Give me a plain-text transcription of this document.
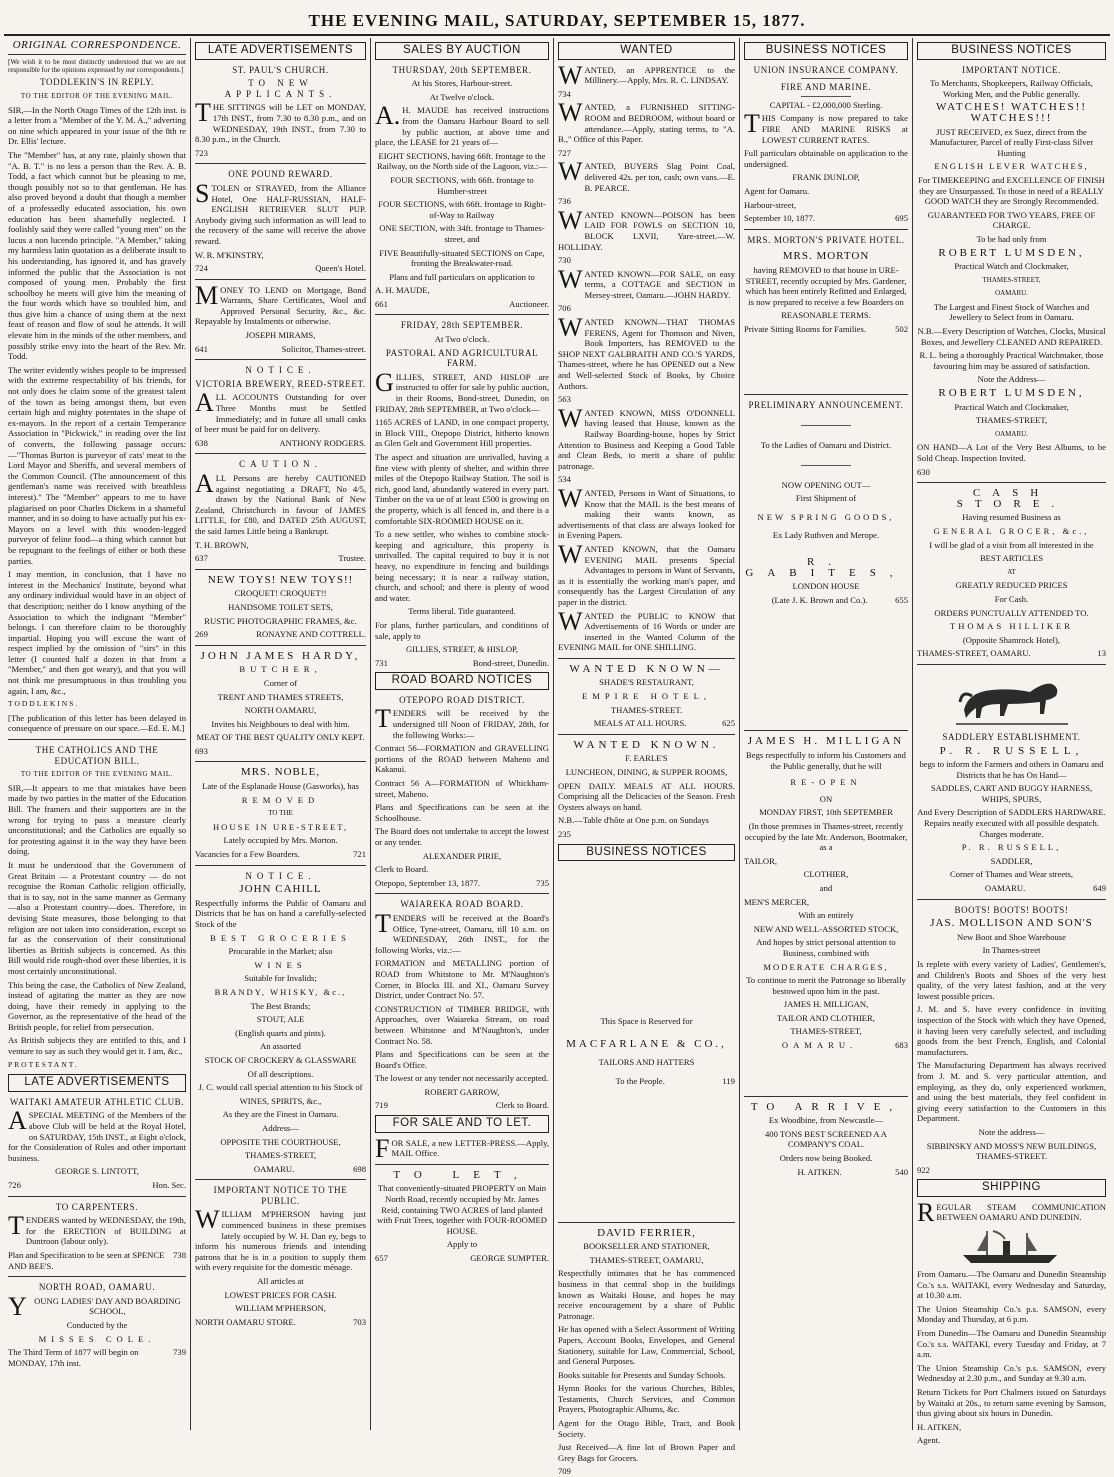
THE EVENING MAIL, SATURDAY, SEPTEMBER 15, 1877.
ORIGINAL CORRESPONDENCE.

[We wish it to be most distinctly understood that we are not responsible for the opinions expressed by our correspondents.]

TODDLEKIN'S IN REPLY.
TO THE EDITOR OF THE EVENING MAIL.

SIR,—In the North Otago Times of the 12th inst. is a letter from a "Member of the Y. M. A.," adverting on nine which appeared in your issue of the 8th re Dr. Ellis' lecture.

The "Member" has, at any rate, plainly shown that "A. B. T." is no less a person than the Rev. A. B. Todd, a fact which cannot but be pleasing to me, though possibly not so to that gentleman. He has also proved beyond a doubt that though a member of a professedly educated association, his own education has been shamefully neglected. I foolishly said they were called "young men" on the lucus a non lucendo principle. "A Member," taking my harmless latin quotation as a deliberate insult to his understanding, has ignored it, and has gravely informed the public that the Association is not composed of young men. Probably the first schoolboy he meets will give him the meaning of the four words which have so troubled him, and thus give him a chance of using them at the next feast of reason and flow of soul he attends. It will elevate him in the minds of the other members, and possibly strike envy into the heart of the Rev. Mr. Todd.

The writer evidently wishes people to be impressed with the extreme respectability of his friends, for not only does he claim some of the greatest talent of the town as being amongst them, but even certain high and mighty potentates in the shape of ex-mayors. In the report of a certain Temperance Association in "Pickwick," in reading over the list of converts, the following passage occurs:—"Thomas Burton is purveyor of cats' meat to the Lord Mayor and Sheriffs, and several members of the Common Council. (The announcement of this gentleman's name was received with breathless interest)." The "Member" appears to me to have plagiarised on poor Charles Dickens in a shameful manner, and in so doing to have actually put his ex-Mayors on a level with this wooden-legged purveyor of feline food—a thing which cannot but be repugnant to the feelings of either or both these parties.

I may mention, in conclusion, that I have no interest in the Mechanics' Institute, beyond what any ordinary individual would have in an object of that description; neither do I know anything of the Association to which the indignant "Member" belongs. I can therefore claim to be thoroughly impartial. Hoping you will excuse the want of respect implied by the omission of "sirs" in this letter (I counted half a dozen in that from a "Member," and then got weary), and that you will not think me presumptuous in thus troubling you again, I am, &c.,

TODDLEKINS.

[The publication of this letter has been delayed in consequence of pressure on our space.—Ed. E. M.]

THE CATHOLICS AND THE EDUCATION BILL.
TO THE EDITOR OF THE EVENING MAIL.

SIR,—It appears to me that mistakes have been made by two parties in the matter of the Education Bill. The framers and their supporters are in the wrong for trying to pass a measure clearly unconstitutional; and the Catholics are equally so for protesting against it in the way they have been doing.

It must be understood that the Government of Great Britain — a Protestant country — do not recognise the Roman Catholic religion officially, that is to say, not in the same manner as Germany—also a Protestant country—does. Therefore, in devising State measures, those belonging to that religion are not taken into consideration, except so far as the conservation of their constitutional liberties as British subjects is concerned. As this Bill would ride rough-shod over these liberties, it is most certainly unconstitutional.

This being the case, the Catholics of New Zealand, instead of agitating the matter as they are now doing, have their remedy in applying to the Governor, as the representative of the head of the British people, for relief from persecution.

As British subjects they are entitled to this, and I venture to say as such they would get it. I am, &c.,

PROTESTANT.

LATE ADVERTISEMENTS
WAITAKI AMATEUR ATHLETIC CLUB.

ASPECIAL MEETING of the Members of the above Club will be held at the Royal Hotel, on SATURDAY, 15th INST., at Eight o'clock, for the Consideration of Rules and other important business.

GEORGE S. LINTOTT,

726	Hon. Sec.
TO CARPENTERS.

TENDERS wanted by WEDNESDAY, the 19th, for the ERECTION of BUILDING at Duntroon (labour only).

Plan and Specification to be seen at SPENCE AND BEE'S.
738
NORTH ROAD, OAMARU.

YOUNG LADIES' DAY AND BOARDING SCHOOL,

Conducted by the

MISSES COLE.

The Third Term of 1877 will begin on MONDAY, 17th inst.
739
LATE ADVERTISEMENTS
ST. PAUL'S CHURCH.
TO NEW APPLICANTS.

THE SITTINGS will be LET on MONDAY, 17th INST., from 7.30 to 8.30 p.m., and on WEDNESDAY, 19th INST., from 7.30 to 8.30 p.m., in the Church.

723

ONE POUND REWARD.

STOLEN or STRAYED, from the Alliance Hotel, One HALF-RUSSIAN, HALF-ENGLISH RETRIEVER SLUT PUP. Anybody giving such information as will lead to the recovery of the same will receive the above reward.

W. R. M'KINSTRY,

724	Queen's Hotel.

MONEY TO LEND on Mortgage, Bond Warrants, Share Certificates, Wool and Approved Personal Security, &c., &c. Repayable by Instalments or otherwise.

JOSEPH MIRAMS,

641	Solicitor, Thames-street.
NOTICE.
VICTORIA BREWERY, REED-STREET.

ALL ACCOUNTS Outstanding for over Three Months must be Settled Immediately; and in future all small casks of beer must be paid for on delivery.

638	ANTHONY RODGERS.
CAUTION.

ALL Persons are hereby CAUTIONED against negotiating a DRAFT, No 4/5, drawn by the National Bank of New Zealand, Christchurch in favour of JAMES LITTLE, for £80, and DATED 25th AUGUST, the said James Little being a Bankrupt.

T. H. BROWN,

637	Trustee.

NEW TOYS! NEW TOYS!!

CROQUET! CROQUET!!

HANDSOME TOILET SETS,

RUSTIC PHOTOGRAPHIC FRAMES, &c.

269	RONAYNE AND COTTRELL.

JOHN JAMES HARDY,

BUTCHER,

Corner of

TRENT AND THAMES STREETS,

NORTH OAMARU,

Invites his Neighbours to deal with him.

MEAT OF THE BEST QUALITY ONLY KEPT.

693

MRS. NOBLE,

Late of the Esplanade House (Gasworks), has

REMOVED

TO THE

HOUSE IN URE-STREET,

Lately occupied by Mrs. Morton.

Vacancies for a Few Boarders.	721
NOTICE.

JOHN CAHILL

Respectfully informs the Public of Oamaru and Districts that he has on hand a carefully-selected Stock of the

BEST GROCERIES

Procurable in the Market; also

WINES

Suitable for Invalids;

BRANDY, WHISKY, &c.,

The Best Brands;

STOUT, ALE

(English quarts and pints).

An assorted

STOCK OF CROCKERY & GLASSWARE

Of all descriptions.

J. C. would call special attention to his Stock of

WINES, SPIRITS, &c.,

As they are the Finest in Oamaru.

Address—

OPPOSITE THE COURTHOUSE,

THAMES-STREET,

OAMARU.	698
IMPORTANT NOTICE TO THE PUBLIC.

WILLIAM M'PHERSON having just commenced business in these premises lately occupied by W. H. Dan ey, begs to inform his numerous friends and intending patrons that he is in a position to supply them with every requisite for the domestic ménage.

All articles at

LOWEST PRICES FOR CASH.

WILLIAM M'PHERSON,

NORTH OAMARU STORE.	703
SALES BY AUCTION
THURSDAY, 20th SEPTEMBER.

At his Stores, Harbour-street.

At Twelve o'clock.

A.H. MAUDE has received instructions from the Oamaru Harbour Board to sell by public auction, at above time and place, the LEASE for 21 years of—

EIGHT SECTIONS, having 66ft. frontage to the Railway, on the North side of the Lagoon, viz.:—

FOUR SECTIONS, with 66ft. frontage to Humber-street

FOUR SECTIONS, with 66ft. frontage to Right-of-Way to Railway

ONE SECTION, with 34ft. frontage to Thames-street, and

FIVE Beautifully-situated SECTIONS on Cape, fronting the Breakwater-road.

Plans and full particulars on application to

A. H. MAUDE,

661	Auctioneer.
FRIDAY, 28th SEPTEMBER.

At Two o'clock.

PASTORAL AND AGRICULTURAL FARM.

GILLIES, STREET, AND HISLOP are instructed to offer for sale by public auction, in their Rooms, Bond-street, Dunedin, on FRIDAY, 28th SEPTEMBER, at Two o'clock—

1165 ACRES of LAND, in one compact property, in Block VIII., Otepopo District, hitherto known as Glen Gelt and Government Hill properties.

The aspect and situation are unrivalled, having a fine view with plenty of shelter, and within three miles of the Otepopo Railway Station. The soil is rich, good land, abundantly watered in every part. Timber on the va ue of at least £500 is growing on the property, which is all fenced in, and there is a comfortable SIX-ROOMED HOUSE on it.

To a new settler, who wishes to combine stock-keeping and agriculture, this property is unrivalled. The capital required to buy it is not heavy, no expenditure in fencing and buildings being necessary; it is near a railway station, church, and school; and there is plenty of wood and water.

Terms liberal. Title guaranteed.

For plans, further particulars, and conditions of sale, apply to

GILLIES, STREET, & HISLOP,

731	Bond-street, Dunedin.
ROAD BOARD NOTICES
OTEPOPO ROAD DISTRICT.

TENDERS will be received by the undersigned till Noon of FRIDAY, 28th, for the following Works:—

Contract 56—FORMATION and GRAVELLING portions of the ROAD between Maheno and Kakanui.

Contract 56 A—FORMATION of Whickham-street, Maheno.

Plans and Specifications can be seen at the Schoolhouse.

The Board does not undertake to accept the lowest or any tender.

ALEXANDER PIRIE,

Clerk to Board.

Otepopo, September 13, 1877.	735
WAIAREKA ROAD BOARD.

TENDERS will be received at the Board's Office, Tyne-street, Oamaru, till 10 a.m. on WEDNESDAY, 26th INST., for the following Works, viz.:—

FORMATION and METALLING portion of ROAD from Whitstone to Mr. M'Naughton's Corner, in Blocks III. and XI., Oamaru Survey District, under Contract No. 57.

CONSTRUCTION of TIMBER BRIDGE, with Approaches, over Waiareka Stream, on road between Whitstone and M'Naughton's, under Contract No. 58.

Plans and Specifications can be seen at the Board's Office.

The lowest or any tender not necessarily accepted.

ROBERT GARROW,

719	Clerk to Board.
FOR SALE AND TO LET.

FOR SALE, a new LETTER-PRESS.—Apply, MAIL Office.

TO LET,

That conveniently-situated PROPERTY on Main North Road, recently occupied by Mr. James Reid, containing TWO ACRES of land planted with Fruit Trees, together with FOUR-ROOMED HOUSE.

Apply to

657	GEORGE SUMPTER.
WANTED

WANTED, an APPRENTICE to the Millinery.—Apply, Mrs. R. C. LINDSAY.

734

WANTED, a FURNISHED SITTING-ROOM and BEDROOM, without board or attendance.—Apply, stating terms, to "A. B.," Office of this Paper.

727

WANTED, BUYERS Slag Point Coal, delivered 42s. per ton, cash; own vans.—E. B. PEARCE.

736

WANTED KNOWN—POISON has been LAID FOR FOWLS on SECTION 10, BLOCK LXVII, Yare-street.—W. HOLLIDAY.

730

WANTED KNOWN—FOR SALE, on easy terms, a COTTAGE and SECTION in Mersey-street, Oamaru.—JOHN HARDY.

706

WANTED KNOWN—THAT THOMAS FERENS, Agent for Thomson and Niven, Book Importers, has REMOVED to the SHOP NEXT GALBRAITH AND CO.'S YARDS, Thames-street, where he has OPENED out a New and Well-selected Stock of Books, by Choice Authors.

563

WANTED KNOWN, MISS O'DONNELL having leased that House, known as the Railway Boarding-house, hopes by Strict Attention to Business and Keeping a Good Table and Clean Beds, to merit a share of public patronage.

534

WANTED, Persons in Want of Situations, to Know that the MAIL is the best means of making their wants known, as advertisements of that class are always looked for in Evening Papers.

WANTED KNOWN, that the Oamaru EVENING MAIL presents Special Advantages to persons in Want of Servants, as it is essentially the working man's paper, and consequently has the Largest Circulation of any paper in the district.

WANTED the PUBLIC to KNOW that Advertisements of 16 Words or under are inserted in the Wanted Column of the EVENING MAIL for ONE SHILLING.

WANTED KNOWN—

SHADE'S RESTAURANT,

EMPIRE HOTEL,

THAMES-STREET.

MEALS AT ALL HOURS.	625

WANTED KNOWN.

F. EARLE'S

LUNCHEON, DINING, & SUPPER ROOMS,

OPEN DAILY. MEALS AT ALL HOURS. Comprising all the Delicacies of the Season. Fresh Oysters always on hand.

N.B.—Table d'hôte at One p.m. on Sundays

235

BUSINESS NOTICES

This Space is Reserved for

MACFARLANE & CO.,

TAILORS AND HATTERS

To the People.	119

DAVID FERRIER,

BOOKSELLER AND STATIONER,

THAMES-STREET, OAMARU,

Respectfully intimates that he has commenced business in that central shop in the buildings known as Waitaki House, and hopes he may receive encouragement by a share of Public Patronage.

He has opened with a Select Assortment of Writing Papers, Account Books, Envelopes, and General Stationery, suitable for Law, Commercial, School, and General Purposes.

Books suitable for Presents and Sunday Schools.

Hymn Books for the various Churches, Bibles, Testaments, Church Services, and Common Prayers, Photographic Albums, &c.

Agent for the Otago Bible, Tract, and Book Society.

Just Received—A fine lot of Brown Paper and Grey Bags for Grocers.

709

BUSINESS NOTICES
UNION INSURANCE COMPANY.
FIRE AND MARINE.

CAPITAL - £2,000,000 Sterling.

THIS Company is now prepared to take FIRE AND MARINE RISKS at LOWEST CURRENT RATES.

Full particulars obtainable on application to the undersigned.

FRANK DUNLOP,

Agent for Oamaru.

Harbour-street,

September 10, 1877.	695
MRS. MORTON'S PRIVATE HOTEL.

MRS. MORTON

having REMOVED to that house in URE-STREET, recently occupied by Mrs. Gardener, which has been entirely Refitted and Enlarged, is now prepared to receive a few Boarders on

REASONABLE TERMS.

Private Sitting Rooms for Families.	502
PRELIMINARY ANNOUNCEMENT.

To the Ladies of Oamaru and District.

NOW OPENING OUT—

First Shipment of

NEW SPRING GOODS,

Ex Lady Ruthven and Merope.

R. GABITES,

LONDON HOUSE

(Late J. K. Brown and Co.).	655

JAMES H. MILLIGAN

Begs respectfully to inform his Customers and the Public generally, that he will

RE-OPEN

ON

MONDAY FIRST, 10th SEPTEMBER

(In those premises in Thames-street, recently occupied by the late Mr. Anderson, Bootmaker, as a

TAILOR,

CLOTHIER,

and

MEN'S MERCER,

With an entirely

NEW AND WELL-ASSORTED STOCK,

And hopes by strict personal attention to Business, combined with

MODERATE CHARGES,

To continue to merit the Patronage so liberally bestowed upon him in the past.

JAMES H. MILLIGAN,

TAILOR AND CLOTHIER,

THAMES-STREET,

OAMARU.	683

TO ARRIVE,

Ex Woodbine, from Newcastle—

400 TONS BEST SCREENED A A COMPANY'S COAL.

Orders now being Booked.

H. AITKEN.	540
BUSINESS NOTICES
IMPORTANT NOTICE.

To Merchants, Shopkeepers, Railway Officials, Working Men, and the Public generally.

WATCHES! WATCHES!! WATCHES!!!

JUST RECEIVED, ex Suez, direct from the Manufacturer, Parcel of really First-class Silver Hunting

ENGLISH LEVER WATCHES,

For TIMEKEEPING and EXCELLENCE OF FINISH they are Unsurpassed. To those in need of a REALLY GOOD WATCH they are Strongly Recommended.

GUARANTEED FOR TWO YEARS, FREE OF CHARGE.

To be had only from

ROBERT LUMSDEN,

Practical Watch and Clockmaker,

THAMES-STREET,

OAMARU.

The Largest and Finest Stock of Watches and Jewellery to Select from in Oamaru.

N.B.—Every Description of Watches, Clocks, Musical Boxes, and Jewellery CLEANED AND REPAIRED.

R. L. being a thoroughly Practical Watchmaker, those favouring him may be assured of satisfaction.

Note the Address—

ROBERT LUMSDEN,

Practical Watch and Clockmaker,

THAMES-STREET,

OAMARU.

ON HAND—A Lot of the Very Best Albums, to be Sold Cheap. Inspection Invited.

630

CASH STORE.

Having resumed Business as

GENERAL GROCER, &c.,

I will be glad of a visit from all interested in the

BEST ARTICLES

AT

GREATLY REDUCED PRICES

For Cash.

ORDERS PUNCTUALLY ATTENDED TO.

THOMAS HILLIKER

(Opposite Shamrock Hotel),

THAMES-STREET, OAMARU.	13
SADDLERY ESTABLISHMENT.

P. R. RUSSELL,

begs to inform the Farmers and others in Oamaru and Districts that he has On Hand—

SADDLES, CART AND BUGGY HARNESS, WHIPS, SPURS,

And Every Description of SADDLERS HARDWARE. Repairs neatly executed with all possible despatch. Charges moderate.

P. R. RUSSELL,

SADDLER,

Corner of Thames and Wear streets,

OAMARU.	649
BOOTS! BOOTS! BOOTS!

JAS. MOLLISON AND SON'S

New Boot and Shoe Warehouse

In Thames-street

Is replete with every variety of Ladies', Gentlemen's, and Children's Boots and Shoes of the very best quality, of the very latest fashion, and at the very lowest possible prices.

J. M. and S. have every confidence in inviting inspection of the Stock with which they have Opened, it having been very carefully selected, and including goods from the best French, English, and Colonial manufacturers.

The Manufacturing Department has always received from J. M. and S. very particular attention, and employing, as they do, only experienced workmen, and using the best materials, they feel confident in giving every satisfaction to the Customers in this Department.

Note the address—

SIBBINSKY AND MOSS'S NEW BUILDINGS, THAMES-STREET.

922

SHIPPING

REGULAR STEAM COMMUNICATION BETWEEN OAMARU AND DUNEDIN.

From Oamaru.—The Oamaru and Dunedin Steamship Co.'s s.s. WAITAKI, every Wednesday and Saturday, at 10.30 a.m.

The Union Steamship Co.'s p.s. SAMSON, every Monday and Thursday, at 6 p.m.

From Dunedin—The Oamaru and Dunedin Steamship Co.'s s.s. WAITAKI, every Tuesday and Friday, at 7 a.m.

The Union Steamship Co.'s p.s. SAMSON, every Wednesday at 2.30 p.m., and Sunday at 9.30 a.m.

Return Tickets for Port Chalmers issued on Saturdays by Waitaki at 20s., to return same evening by Samson, thus giving about six hours in Dunedin.

H. AITKEN,

Agent.
